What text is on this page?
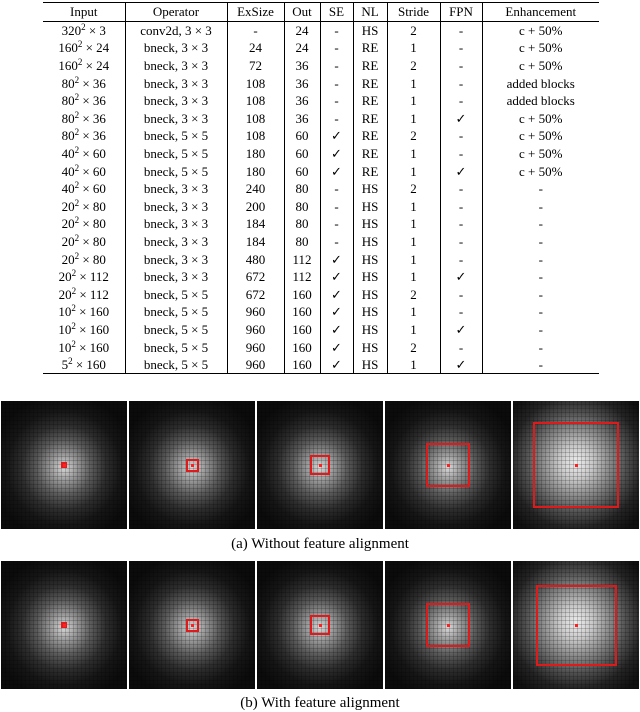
Input	Operator	ExSize	Out	SE	NL	Stride	FPN	Enhancement
$320^2 \times 3$	conv2d, 3 × 3	-	24	-	HS	2	-	c + 50%
$160^2 \times 24$	bneck, 3 × 3	24	24	-	RE	1	-	c + 50%
$160^2 \times 24$	bneck, 3 × 3	72	36	-	RE	2	-	c + 50%
$80^2 \times 36$	bneck, 3 × 3	108	36	-	RE	1	-	added blocks
$80^2 \times 36$	bneck, 3 × 3	108	36	-	RE	1	-	added blocks
$80^2 \times 36$	bneck, 3 × 3	108	36	-	RE	1	✓	c + 50%
$80^2 \times 36$	bneck, 5 × 5	108	60	✓	RE	2	-	c + 50%
$40^2 \times 60$	bneck, 5 × 5	180	60	✓	RE	1	-	c + 50%
$40^2 \times 60$	bneck, 5 × 5	180	60	✓	RE	1	✓	c + 50%
$40^2 \times 60$	bneck, 3 × 3	240	80	-	HS	2	-	-
$20^2 \times 80$	bneck, 3 × 3	200	80	-	HS	1	-	-
$20^2 \times 80$	bneck, 3 × 3	184	80	-	HS	1	-	-
$20^2 \times 80$	bneck, 3 × 3	184	80	-	HS	1	-	-
$20^2 \times 80$	bneck, 3 × 3	480	112	✓	HS	1	-	-
$20^2 \times 112$	bneck, 3 × 3	672	112	✓	HS	1	✓	-
$20^2 \times 112$	bneck, 5 × 5	672	160	✓	HS	2	-	-
$10^2 \times 160$	bneck, 5 × 5	960	160	✓	HS	1	-	-
$10^2 \times 160$	bneck, 5 × 5	960	160	✓	HS	1	✓	-
$10^2 \times 160$	bneck, 5 × 5	960	160	✓	HS	2	-	-
$5^2 \times 160$	bneck, 5 × 5	960	160	✓	HS	1	✓	-
(a) Without feature alignment
(b) With feature alignment
